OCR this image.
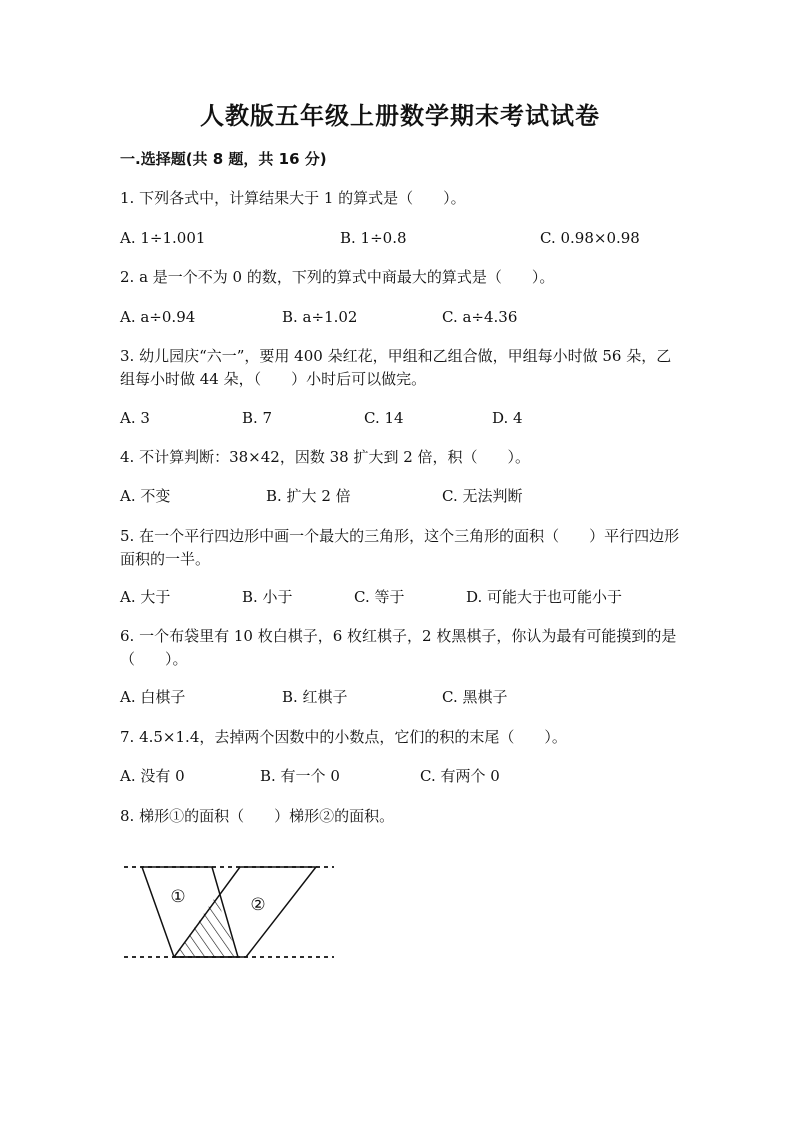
人教版五年级上册数学期末考试试卷
一.选择题(共 8 题，共 16 分)
1. 下列各式中，计算结果大于 1 的算式是（　　）。
A. 1÷1.001	B. 1÷0.8	C. 0.98×0.98
2. a 是一个不为 0 的数，下列的算式中商最大的算式是（　　）。
A. a÷0.94	B. a÷1.02	C. a÷4.36
3. 幼儿园庆“六一”，要用 400 朵红花，甲组和乙组合做，甲组每小时做 56 朵，乙组每小时做 44 朵，（　　）小时后可以做完。
A. 3	B. 7	C. 14	D. 4
4. 不计算判断：38×42，因数 38 扩大到 2 倍，积（　　）。
A. 不变	B. 扩大 2 倍	C. 无法判断
5. 在一个平行四边形中画一个最大的三角形，这个三角形的面积（　　）平行四边形面积的一半。
A. 大于	B. 小于	C. 等于	D. 可能大于也可能小于
6. 一个布袋里有 10 枚白棋子，6 枚红棋子，2 枚黑棋子，你认为最有可能摸到的是（　　）。
A. 白棋子	B. 红棋子	C. 黑棋子
7. 4.5×1.4，去掉两个因数中的小数点，它们的积的末尾（　　）。
A. 没有 0	B. 有一个 0	C. 有两个 0
8. 梯形①的面积（　　）梯形②的面积。
①	②
